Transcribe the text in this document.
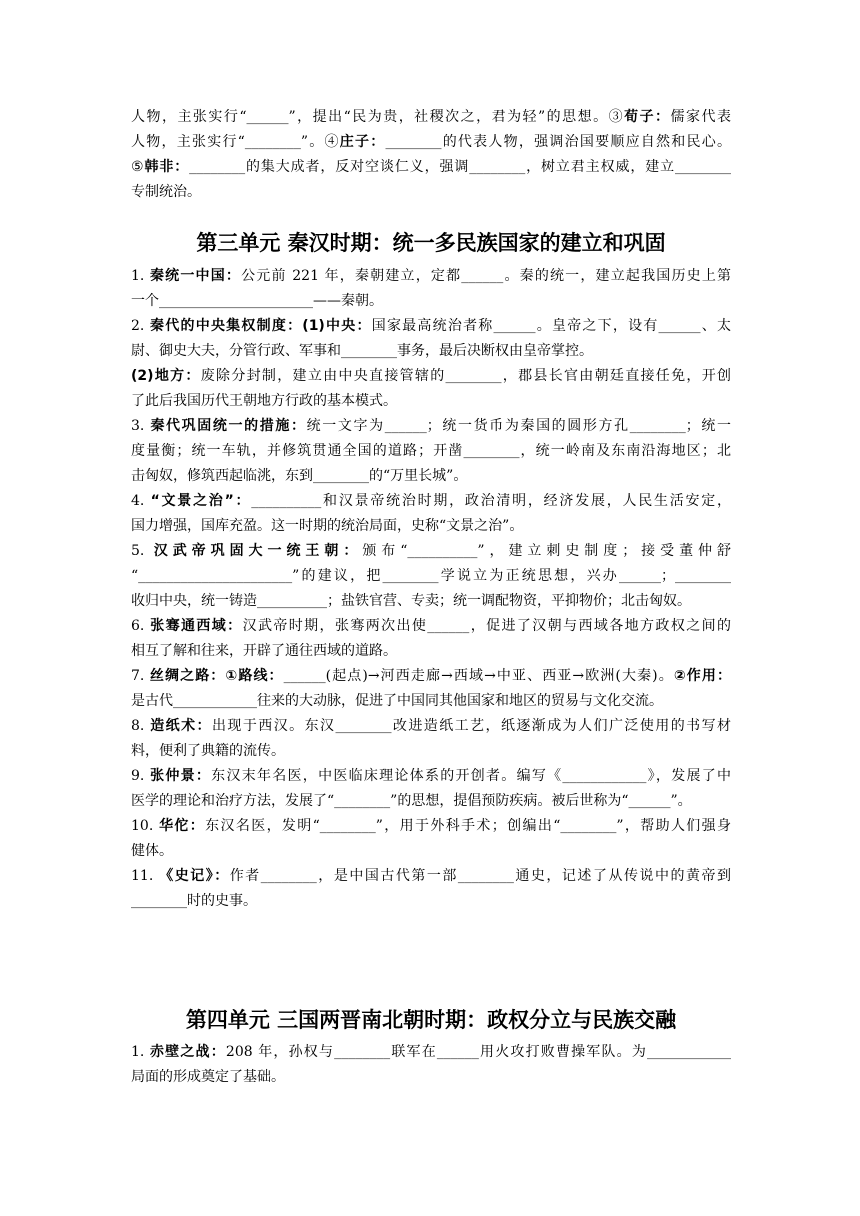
人物，主张实行“______”，提出“民为贵，社稷次之，君为轻”的思想。③荀子：儒家代表
人物，主张实行“________”。④庄子：________的代表人物，强调治国要顺应自然和民心。
⑤韩非：________的集大成者，反对空谈仁义，强调________，树立君主权威，建立________
专制统治。
第三单元 秦汉时期：统一多民族国家的建立和巩固
1. 秦统一中国：公元前 221 年，秦朝建立，定都______。秦的统一，建立起我国历史上第
一个______________________——秦朝。
2. 秦代的中央集权制度：(1)中央：国家最高统治者称______。皇帝之下，设有______、太
尉、御史大夫，分管行政、军事和________事务，最后决断权由皇帝掌控。
(2)地方：废除分封制，建立由中央直接管辖的________，郡县长官由朝廷直接任免，开创
了此后我国历代王朝地方行政的基本模式。
3. 秦代巩固统一的措施：统一文字为______；统一货币为秦国的圆形方孔________；统一
度量衡；统一车轨，并修筑贯通全国的道路；开凿________，统一岭南及东南沿海地区；北
击匈奴，修筑西起临洮，东到________的“万里长城”。
4. “文景之治”：__________和汉景帝统治时期，政治清明，经济发展，人民生活安定，
国力增强，国库充盈。这一时期的统治局面，史称“文景之治”。
5. 汉武帝巩固大一统王朝：颁布“__________”，建立刺史制度；接受董仲舒
“______________________”的建议，把________学说立为正统思想，兴办______；________
收归中央，统一铸造__________；盐铁官营、专卖；统一调配物资，平抑物价；北击匈奴。
6. 张骞通西域：汉武帝时期，张骞两次出使______，促进了汉朝与西域各地方政权之间的
相互了解和往来，开辟了通往西域的道路。
7. 丝绸之路：①路线：______(起点)→河西走廊→西域→中亚、西亚→欧洲(大秦)。②作用：
是古代____________往来的大动脉，促进了中国同其他国家和地区的贸易与文化交流。
8. 造纸术：出现于西汉。东汉________改进造纸工艺，纸逐渐成为人们广泛使用的书写材
料，便利了典籍的流传。
9. 张仲景：东汉末年名医，中医临床理论体系的开创者。编写《____________》，发展了中
医学的理论和治疗方法，发展了“________”的思想，提倡预防疾病。被后世称为“______”。
10. 华佗：东汉名医，发明“________”，用于外科手术；创编出“________”，帮助人们强身
健体。
11. 《史记》：作者________，是中国古代第一部________通史，记述了从传说中的黄帝到
________时的史事。
第四单元 三国两晋南北朝时期：政权分立与民族交融
1. 赤壁之战：208 年，孙权与________联军在______用火攻打败曹操军队。为____________
局面的形成奠定了基础。
